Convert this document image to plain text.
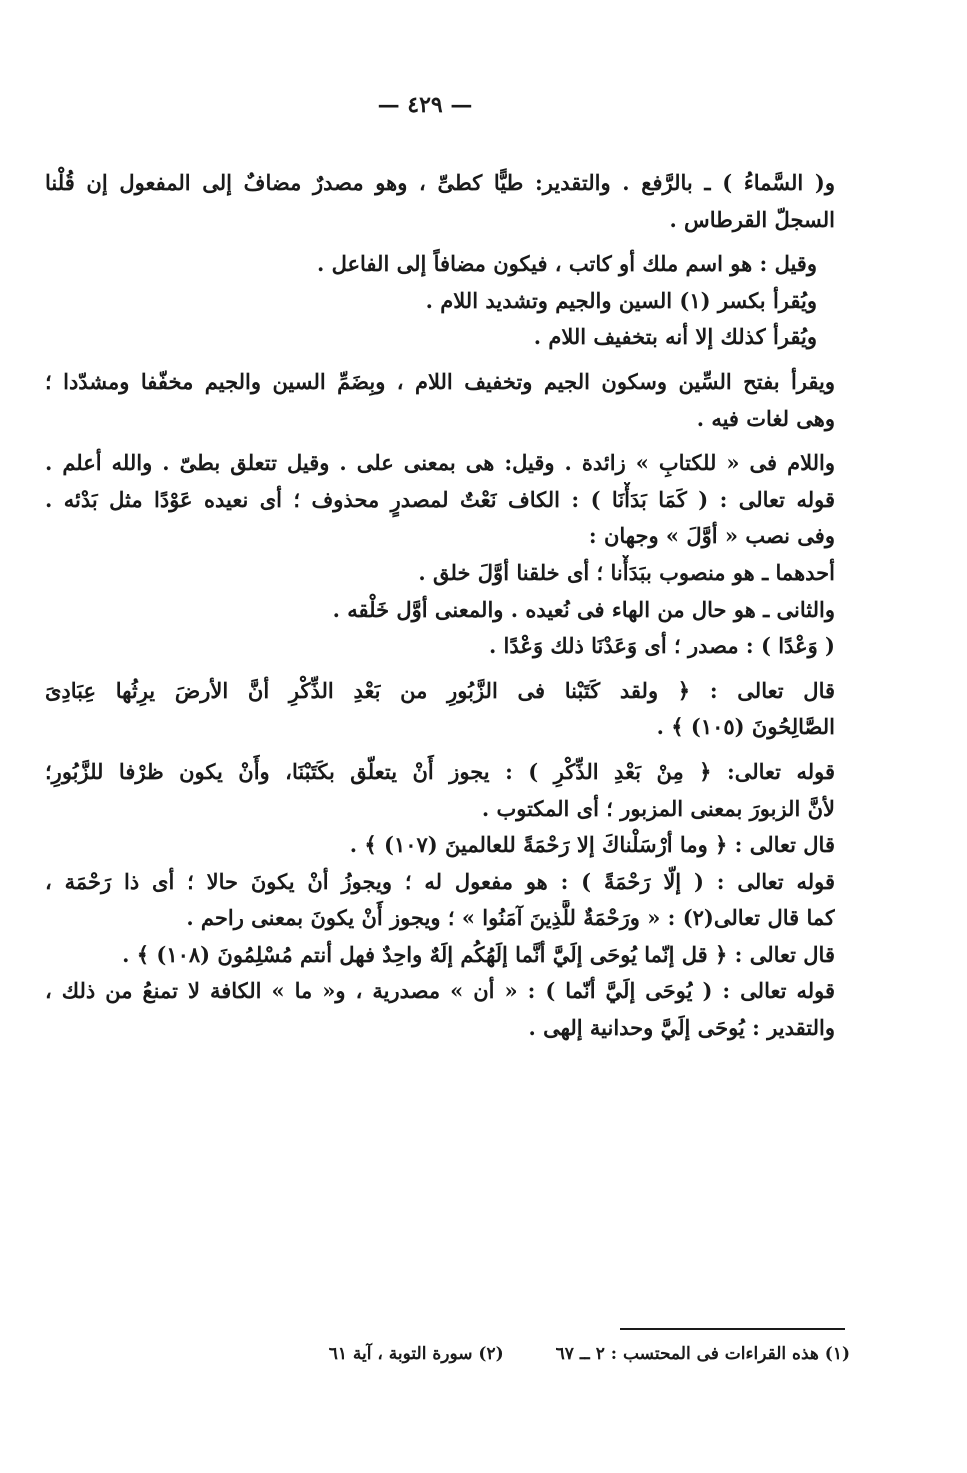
— ٤٢٩ —
و( السَّماءُ ) ـ بالرَّفع . والتقدير: طيًّا كطىِّ ، وهو مصدرٌ مضافٌ إلى المفعول إن قُلْنا
السجلّ القرطاس .
وقيل : هو اسم ملك أو كاتب ، فيكون مضافاً إلى الفاعل .
ويُقرأ بكسر (١) السين والجيم وتشديد اللام .
ويُقرأ كذلك إلا أنه بتخفيف اللام .
ويقرأ بفتح السِّين وسكون الجيم وتخفيف اللام ، وبِضَمِّ السين والجيم مخفّفا ومشدّدا ؛
وهى لغات فيه .
واللام فى « للكتابِ » زائدة . وقيل: هى بمعنى على . وقيل تتعلق بطىّ . والله أعلم .
قوله تعالى : ( كَمَا بَدَأْنَا ) : الكاف نَعْتٌ لمصدرٍ محذوف ؛ أى نعيده عَوْدًا مثل بَدْئه .
وفى نصب « أوَّلَ » وجهان :
أحدهما ـ هو منصوب ببَدَأْنا ؛ أى خلقنا أوَّلَ خلق .
والثانى ـ هو حال من الهاء فى نُعيده . والمعنى أوَّل خَلْقه .
( وَعْدًا ) : مصدر ؛ أى وَعَدْنَا ذلك وَعْدًا .
قال تعالى : ﴿ ولقد كَتَبْنا فى الزَّبُورِ من بَعْدِ الذِّكْرِ أنَّ الأرضَ يرِثُها عِبَادِىَ
الصَّالِحُونَ (١٠٥) ﴾ .
قوله تعالى: ﴿ مِنْ بَعْدِ الذِّكْرِ ) : يجوز أَنْ يتعلّق بكَتَبْنَا، وأَنْ يكون ظرْفا للزَّبُورِ؛
لأنَّ الزبورَ بمعنى المزبور ؛ أى المكتوب .
قال تعالى : ﴿ وما أرْسَلْناكَ إلا رَحْمَةً للعالمينَ (١٠٧) ﴾ .
قوله تعالى : ( إلّا رَحْمَةً ) : هو مفعول له ؛ ويجوزُ أنْ يكونَ حالا ؛ أى ذا رَحْمَة ،
كما قال تعالى(٢) : « ورَحْمَةٌ للَّذِينَ آمَنُوا » ؛ ويجوز أَنْ يكونَ بمعنى راحم .
قال تعالى : ﴿ قل إنّما يُوحَى إلَيَّ أنَّما إلَهُكُم إلَهٌ واحِدٌ فهل أنتم مُسْلِمُونَ (١٠٨) ﴾ .
قوله تعالى : ( يُوحَى إلَيَّ أنّما ) : « أن » مصدرية ، و« ما » الكافة لا تمنعُ من ذلك ،
والتقدير : يُوحَى إلَيَّ وحدانية إلهى .
(١) هذه القراءات فى المحتسب : ٢ ــ ٦٧
(٢) سورة التوبة ، آية ٦١
